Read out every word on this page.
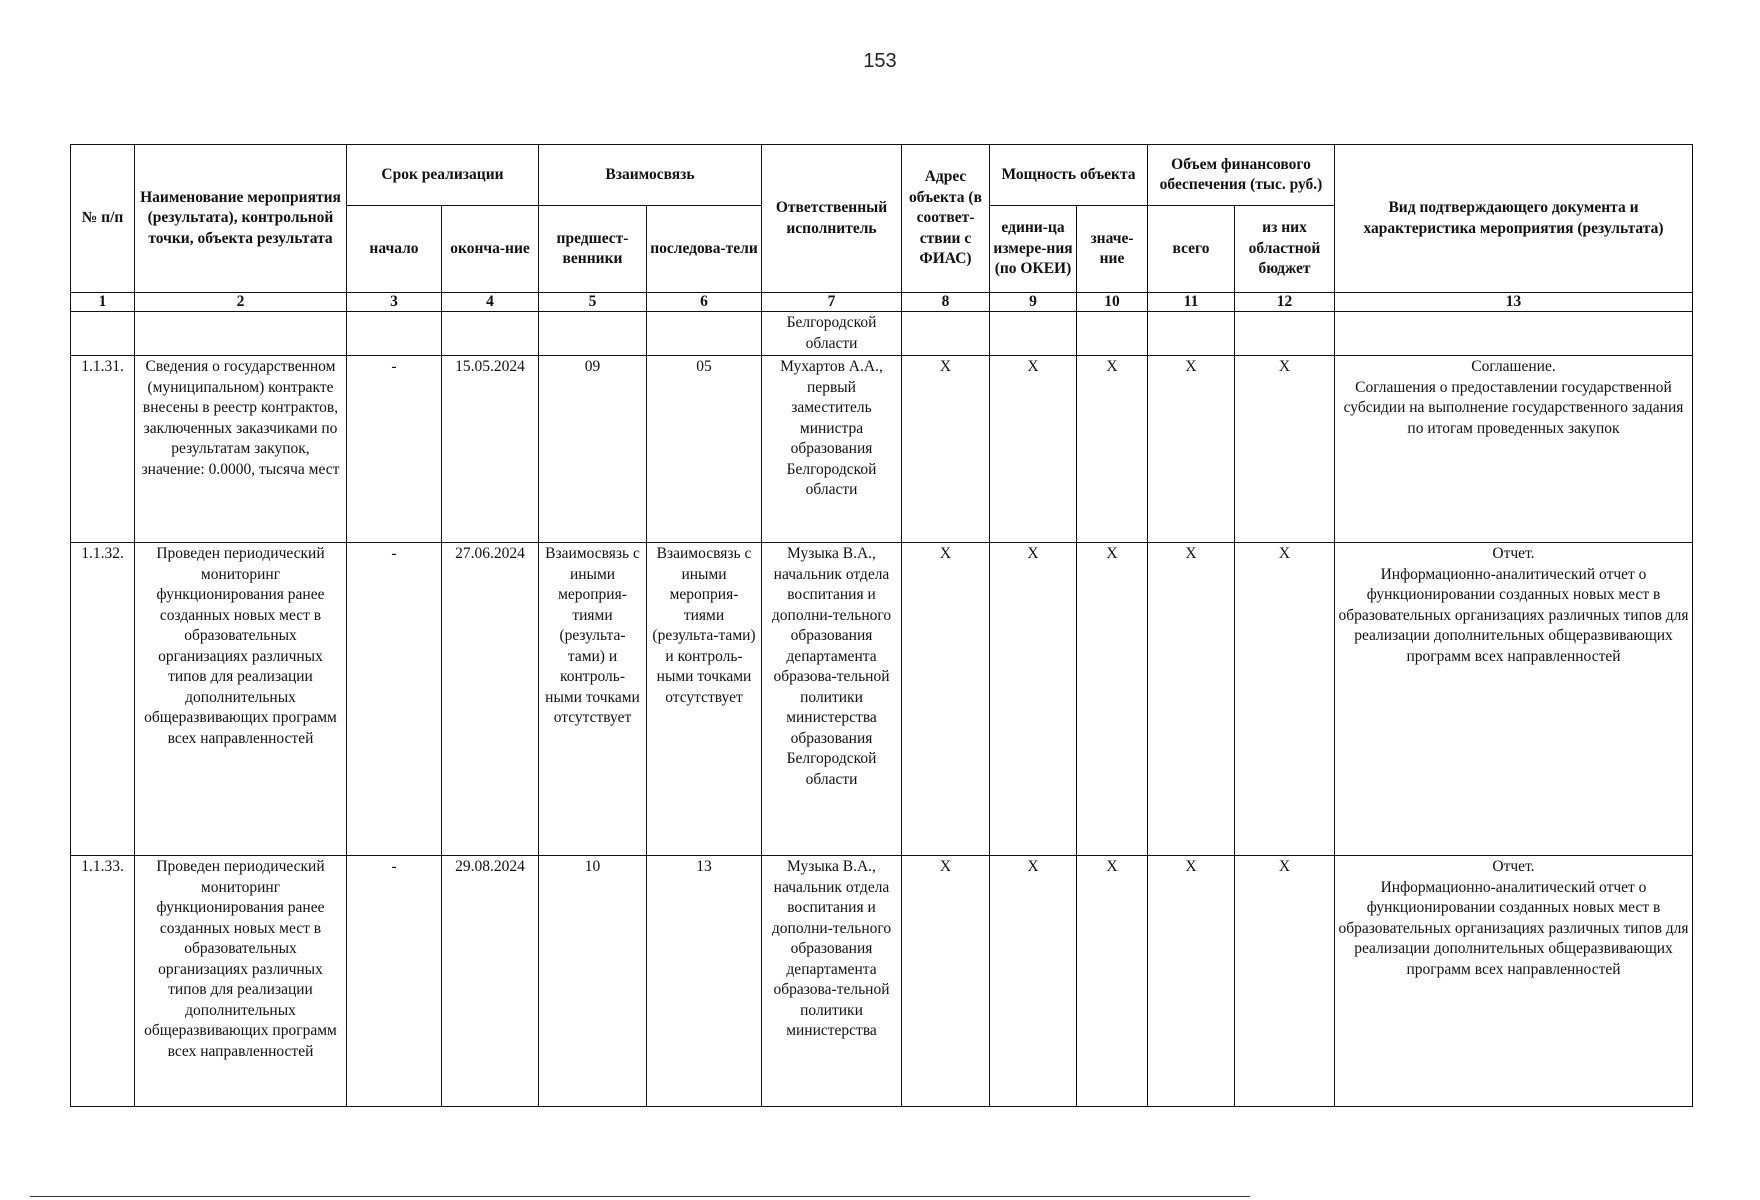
153
№ п/п	Наименование мероприятия (результата), контрольной точки, объекта результата	Срок реализации		Взаимосвязь		Ответственный исполнитель	Адрес объекта (в соответ-ствии с ФИАС)	Мощность объекта		Объем финансового обеспечения (тыс. руб.)		Вид подтверждающего документа и характеристика мероприятия (результата)
		начало	оконча-ние	предшест-венники	последова-тели			едини-ца измере-ния (по ОКЕИ)	значе-ние	всего	из них областной бюджет	
1	2	3	4	5	6	7	8	9	10	11	12	13
						Белгородской области						
1.1.31.	Сведения о государственном (муниципальном) контракте внесены в реестр контрактов, заключенных заказчиками по результатам закупок, значение: 0.0000, тысяча мест	-	15.05.2024	09	05	Мухартов А.А., первый заместитель министра образования Белгородской области	X	X	X	X	X	Соглашение.
Соглашения о предоставлении государственной субсидии на выполнение государственного задания по итогам проведенных закупок

1.1.32.	Проведен периодический мониторинг функционирования ранее созданных новых мест в образовательных организациях различных типов для реализации дополнительных общеразвивающих программ всех направленностей	-	27.06.2024	Взаимосвязь с иными мероприя-тиями (результа-тами) и контроль-ными точками отсутствует	Взаимосвязь с иными мероприя-тиями (результа-тами) и контроль-ными точками отсутствует	Музыка В.А., начальник отдела воспитания и дополни-тельного образования департамента образова-тельной политики министерства образования Белгородской области	X	X	X	X	X	Отчет.
Информационно-аналитический отчет о функционировании созданных новых мест в образовательных организациях различных типов для реализации дополнительных общеразвивающих программ всех направленностей

1.1.33.	Проведен периодический мониторинг функционирования ранее созданных новых мест в образовательных организациях различных типов для реализации дополнительных общеразвивающих программ всех направленностей	-	29.08.2024	10	13	Музыка В.А., начальник отдела воспитания и дополни-тельного образования департамента образова-тельной политики министерства	X	X	X	X	X	Отчет.
Информационно-аналитический отчет о функционировании созданных новых мест в образовательных организациях различных типов для реализации дополнительных общеразвивающих программ всех направленностей
